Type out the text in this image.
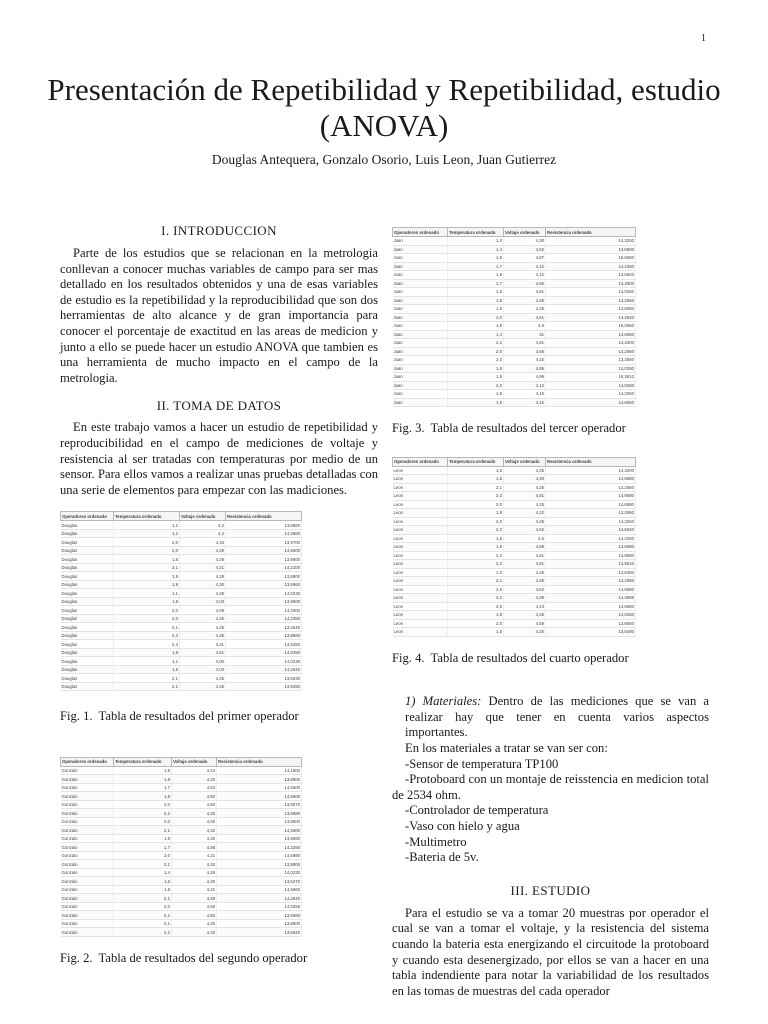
1
Presentación de Repetibilidad y Repetibilidad, estudio (ANOVA)
Douglas Antequera, Gonzalo Osorio, Luis Leon, Juan Gutierrez
I. INTRODUCCION

Parte de los estudios que se relacionan en la metrologia conllevan a conocer muchas variables de campo para ser mas detallado en los resultados obtenidos y una de esas variables de estudio es la repetibilidad y la reproducibilidad que son dos herramientas de alto alcance y de gran importancia para conocer el porcentaje de exactitud en las areas de medicion y junto a ello se puede hacer un estudio ANOVA que tambien es una herramienta de mucho impacto en el campo de la metrologia.

II. TOMA DE DATOS

En este trabajo vamos a hacer un estudio de repetibilidad y reproducibilidad en el campo de mediciones de voltaje y resistencia al ser tratadas con temperaturas por medio de un sensor. Para ellos vamos a realizar unas pruebas detalladas con una serie de elementos para empezar con las madiciones.

Operadores ordenado	Temperatura ordenado	Voltaje ordenado	Resistencia ordenado
Douglas	1,2	4,2	13,8960
Douglas	1,2	4,2	14,2560
Douglas	2,0	4,33	13,9700
Douglas	2,0	4,29	14,5600
Douglas	1,6	4,28	13,8900
Douglas	2,1	4,31	14,2100
Douglas	1,5	4,28	13,8800
Douglas	1,9	4,30	13,5960
Douglas	1,1	4,28	14,0230
Douglas	1,9	4,03	13,9500
Douglas	2,0	4,09	14,2500
Douglas	2,0	4,25	14,2350
Douglas	2,1	4,25	13,2540
Douglas	2,3	4,26	13,8560
Douglas	2,4	4,31	14,5250
Douglas	1,8	4,81	14,0250
Douglas	1,1	4,00	14,0230
Douglas	1,9	4,03	14,2540
Douglas	2,1	4,25	13,5530
Douglas	2,1	4,25	13,8250

Fig. 1. Tabla de resultados del primer operador

Operadores ordenado	Temperatura ordenado	Voltaje ordenado	Resistencia ordenado
Gonzalo	1,5	4,23	14,1500
Gonzalo	1,8	4,32	13,8900
Gonzalo	1,7	4,63	14,5600
Gonzalo	1,8	4,60	14,5600
Gonzalo	2,0	4,60	13,8570
Gonzalo	2,2	4,25	13,6980
Gonzalo	2,0	4,65	13,8500
Gonzalo	2,1	4,32	14,5600
Gonzalo	1,8	4,25	13,8580
Gonzalo	1,7	4,58	14,3250
Gonzalo	2,0	4,21	14,6980
Gonzalo	2,1	4,32	13,8800
Gonzalo	1,4	4,26	14,0230
Gonzalo	1,6	4,25	13,5470
Gonzalo	1,9	4,21	14,5660
Gonzalo	2,1	4,29	14,2540
Gonzalo	2,0	4,58	14,0256
Gonzalo	2,1	4,60	13,5560
Gonzalo	2,1	4,25	13,8500
Gonzalo	2,2	4,33	13,5540

Fig. 2. Tabla de resultados del segundo operador

Operadores ordenado	Temperatura ordenado	Voltaje ordenado	Resistencia ordenado
Juan	1,3	4,30	14,3200
Juan	1,4	4,52	13,5900
Juan	1,8	4,87	16,6580
Juan	1,7	4,12	14,2360
Juan	1,9	4,12	13,5500
Juan	1,7	4,60	13,2500
Juan	1,5	4,81	14,0250
Juan	1,8	4,25	13,2560
Juan	1,9	4,25	13,6580
Juan	2,0	4,61	13,2540
Juan	1,8	4,9	16,0560
Juan	1,4	31	13,5650
Juan	2,2	4,81	14,2500
Juan	2,0	4,56	14,2560
Juan	2,0	4,15	13,2560
Juan	1,8	4,85	14,0250
Juan	1,5	4,99	16,3610
Juan	2,0	4,12	14,0250
Juan	1,8	4,15	14,3250
Juan	1,8	4,15	14,6550

Fig. 3. Tabla de resultados del tercer operador

Operadores ordenado	Temperatura ordenado	Voltaje ordenado	Resistencia ordenado
Leon	1,6	4,25	14,2500
Leon	1,5	4,30	14,6580
Leon	2,1	4,25	14,2560
Leon	2,3	4,81	14,9580
Leon	2,0	4,25	14,6580
Leon	1,8	4,22	13,2560
Leon	2,0	4,25	14,3250
Leon	2,2	4,62	14,6640
Leon	1,6	4,6	14,3250
Leon	1,9	4,58	13,6580
Leon	2,2	4,81	14,9580
Leon	2,3	4,51	13,9610
Leon	1,0	4,26	13,5480
Leon	2,1	4,25	14,2580
Leon	2,6	4,62	14,6580
Leon	2,2	4,29	14,3688
Leon	2,5	4,23	14,6580
Leon	1,9	4,26	14,0250
Leon	2,0	4,59	13,6650
Leon	1,5	4,25	13,5480

Fig. 4. Tabla de resultados del cuarto operador

1) Materiales: Dentro de las mediciones que se van a realizar hay que tener en cuenta varios aspectos importantes.

En los materiales a tratar se van ser con:

-Sensor de temperatura TP100

-Protoboard con un montaje de reisstencia en medicion total de 2534 ohm.

-Controlador de temperatura

-Vaso con hielo y agua

-Multimetro

-Bateria de 5v.

III. ESTUDIO

Para el estudio se va a tomar 20 muestras por operador el cual se van a tomar el voltaje, y la resistencia del sistema cuando la bateria esta energizando el circuitode la protoboard y cuando esta desenergizado, por ellos se van a hacer en una tabla indendiente para notar la variabilidad de los resultados en las tomas de muestras del cada operador
